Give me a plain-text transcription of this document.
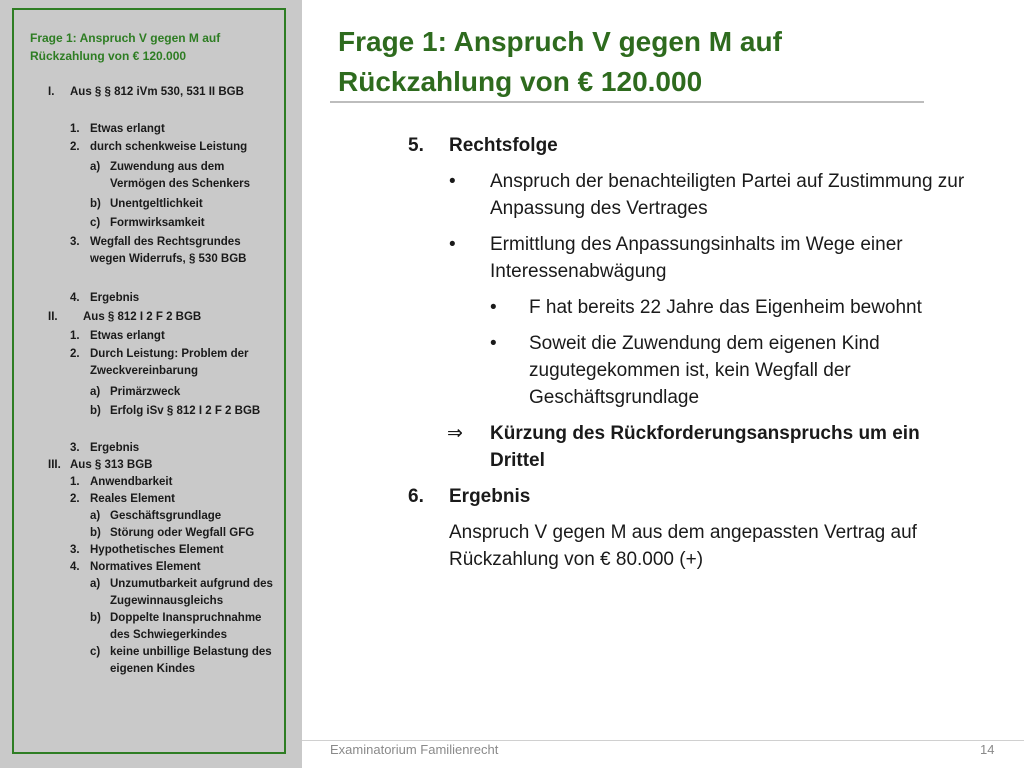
Frage 1: Anspruch V gegen M auf Rückzahlung von € 120.000
I.	Aus § § 812 iVm 530, 531 II BGB
1. Etwas erlangt
2. durch schenkweise Leistung
a) Zuwendung aus dem Vermögen des Schenkers
b) Unentgeltlichkeit
c) Formwirksamkeit
3. Wegfall des Rechtsgrundes wegen Widerrufs, § 530 BGB
4. Ergebnis
II.	Aus § 812 I 2 F 2 BGB
1. Etwas erlangt
2. Durch Leistung: Problem der Zweckvereinbarung
a) Primärzweck
b) Erfolg iSv § 812 I 2 F 2 BGB
3. Ergebnis
III. Aus § 313 BGB
1. Anwendbarkeit
2. Reales Element
a) Geschäftsgrundlage
b) Störung oder Wegfall GFG
3. Hypothetisches Element
4. Normatives Element
a) Unzumutbarkeit aufgrund des Zugewinnausgleichs
b) Doppelte Inanspruchnahme des Schwiegerkindes
c) keine unbillige Belastung des eigenen Kindes
Frage 1: Anspruch V gegen M auf
Rückzahlung von € 120.000
5. Rechtsfolge
• Anspruch der benachteiligten Partei auf Zustimmung zur Anpassung des Vertrages
• Ermittlung des Anpassungsinhalts im Wege einer Interessenabwägung
• F hat bereits 22 Jahre das Eigenheim bewohnt
• Soweit die Zuwendung dem eigenen Kind zugutegekommen ist, kein Wegfall der Geschäftsgrundlage
⇒ Kürzung des Rückforderungsanspruchs um ein Drittel
6. Ergebnis
Anspruch V gegen M aus dem angepassten Vertrag auf Rückzahlung von € 80.000 (+)
Examinatorium Familienrecht	14
